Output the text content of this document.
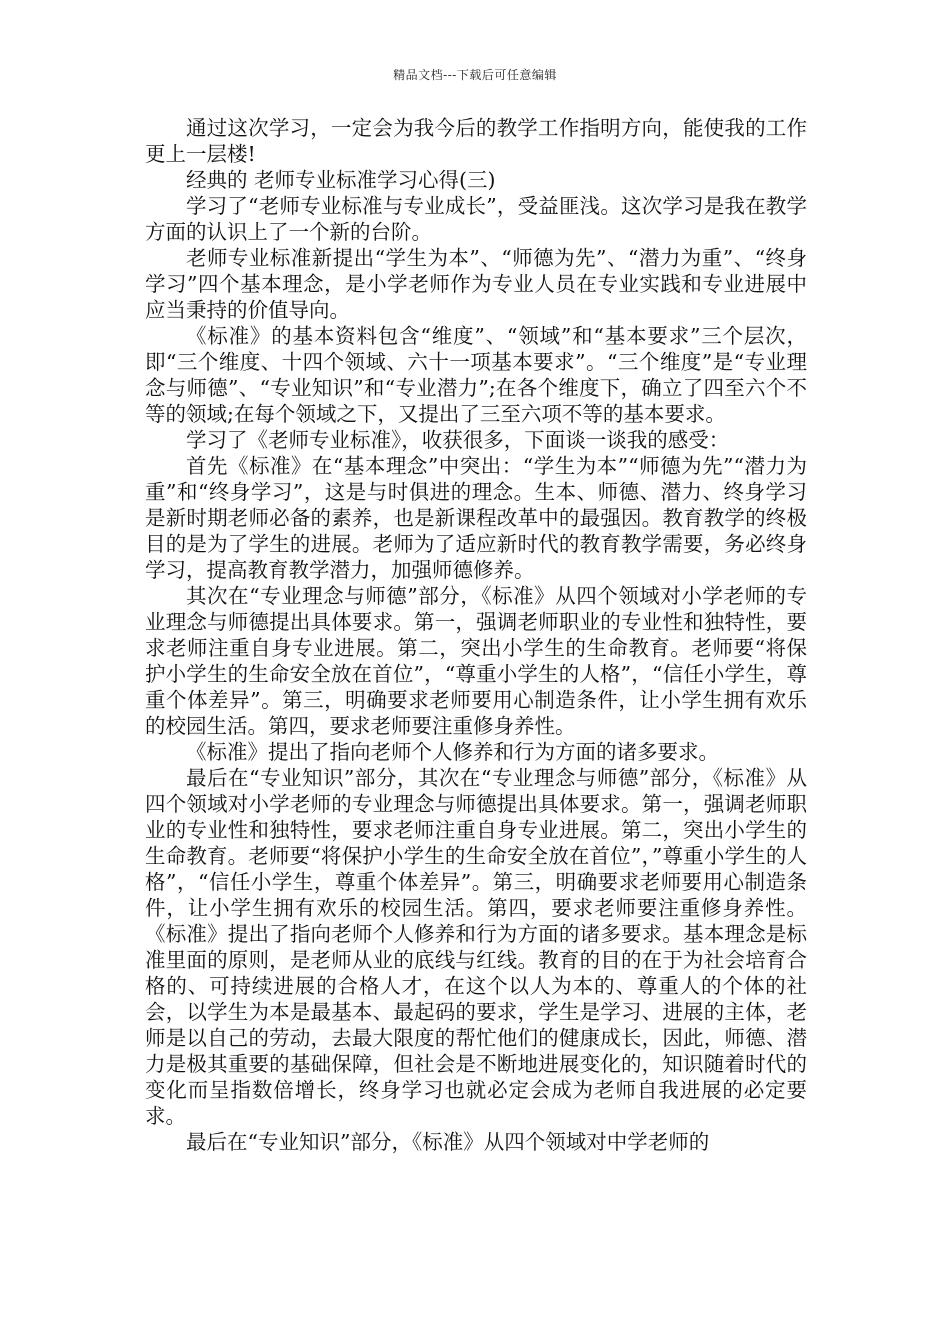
精品文档---下载后可任意编辑

通过这次学习，一定会为我今后的教学工作指明方向，能使我的工作更上一层楼!

经典的 老师专业标准学习心得(三)

学习了“老师专业标准与专业成长”，受益匪浅。这次学习是我在教学方面的认识上了一个新的台阶。

老师专业标准新提出“学生为本”、“师德为先”、“潜力为重”、“终身学习”四个基本理念，是小学老师作为专业人员在专业实践和专业进展中应当秉持的价值导向。

《标准》的基本资料包含“维度”、“领域”和“基本要求”三个层次，即“三个维度、十四个领域、六十一项基本要求”。“三个维度”是“专业理念与师德”、“专业知识”和“专业潜力”;在各个维度下，确立了四至六个不等的领域;在每个领域之下，又提出了三至六项不等的基本要求。

学习了《老师专业标准》，收获很多，下面谈一谈我的感受：

首先《标准》在“基本理念”中突出：“学生为本”“师德为先”“潜力为重”和“终身学习”，这是与时俱进的理念。生本、师德、潜力、终身学习是新时期老师必备的素养，也是新课程改革中的最强因。教育教学的终极目的是为了学生的进展。老师为了适应新时代的教育教学需要，务必终身学习，提高教育教学潜力，加强师德修养。

其次在“专业理念与师德”部分，《标准》从四个领域对小学老师的专业理念与师德提出具体要求。第一，强调老师职业的专业性和独特性，要求老师注重自身专业进展。第二，突出小学生的生命教育。老师要“将保护小学生的生命安全放在首位”，“尊重小学生的人格”，“信任小学生，尊重个体差异”。第三，明确要求老师要用心制造条件，让小学生拥有欢乐的校园生活。第四，要求老师要注重修身养性。

《标准》提出了指向老师个人修养和行为方面的诸多要求。

最后在“专业知识”部分，其次在“专业理念与师德”部分，《标准》从四个领域对小学老师的专业理念与师德提出具体要求。第一，强调老师职业的专业性和独特性，要求老师注重自身专业进展。第二，突出小学生的生命教育。老师要“将保护小学生的生命安全放在首位”，”尊重小学生的人格”，“信任小学生，尊重个体差异”。第三，明确要求老师要用心制造条件，让小学生拥有欢乐的校园生活。第四，要求老师要注重修身养性。《标准》提出了指向老师个人修养和行为方面的诸多要求。基本理念是标准里面的原则，是老师从业的底线与红线。教育的目的在于为社会培育合格的、可持续进展的合格人才，在这个以人为本的、尊重人的个体的社会，以学生为本是最基本、最起码的要求，学生是学习、进展的主体，老师是以自己的劳动，去最大限度的帮忙他们的健康成长，因此，师德、潜力是极其重要的基础保障，但社会是不断地进展变化的，知识随着时代的变化而呈指数倍增长，终身学习也就必定会成为老师自我进展的必定要求。

最后在“专业知识”部分，《标准》从四个领域对中学老师的
